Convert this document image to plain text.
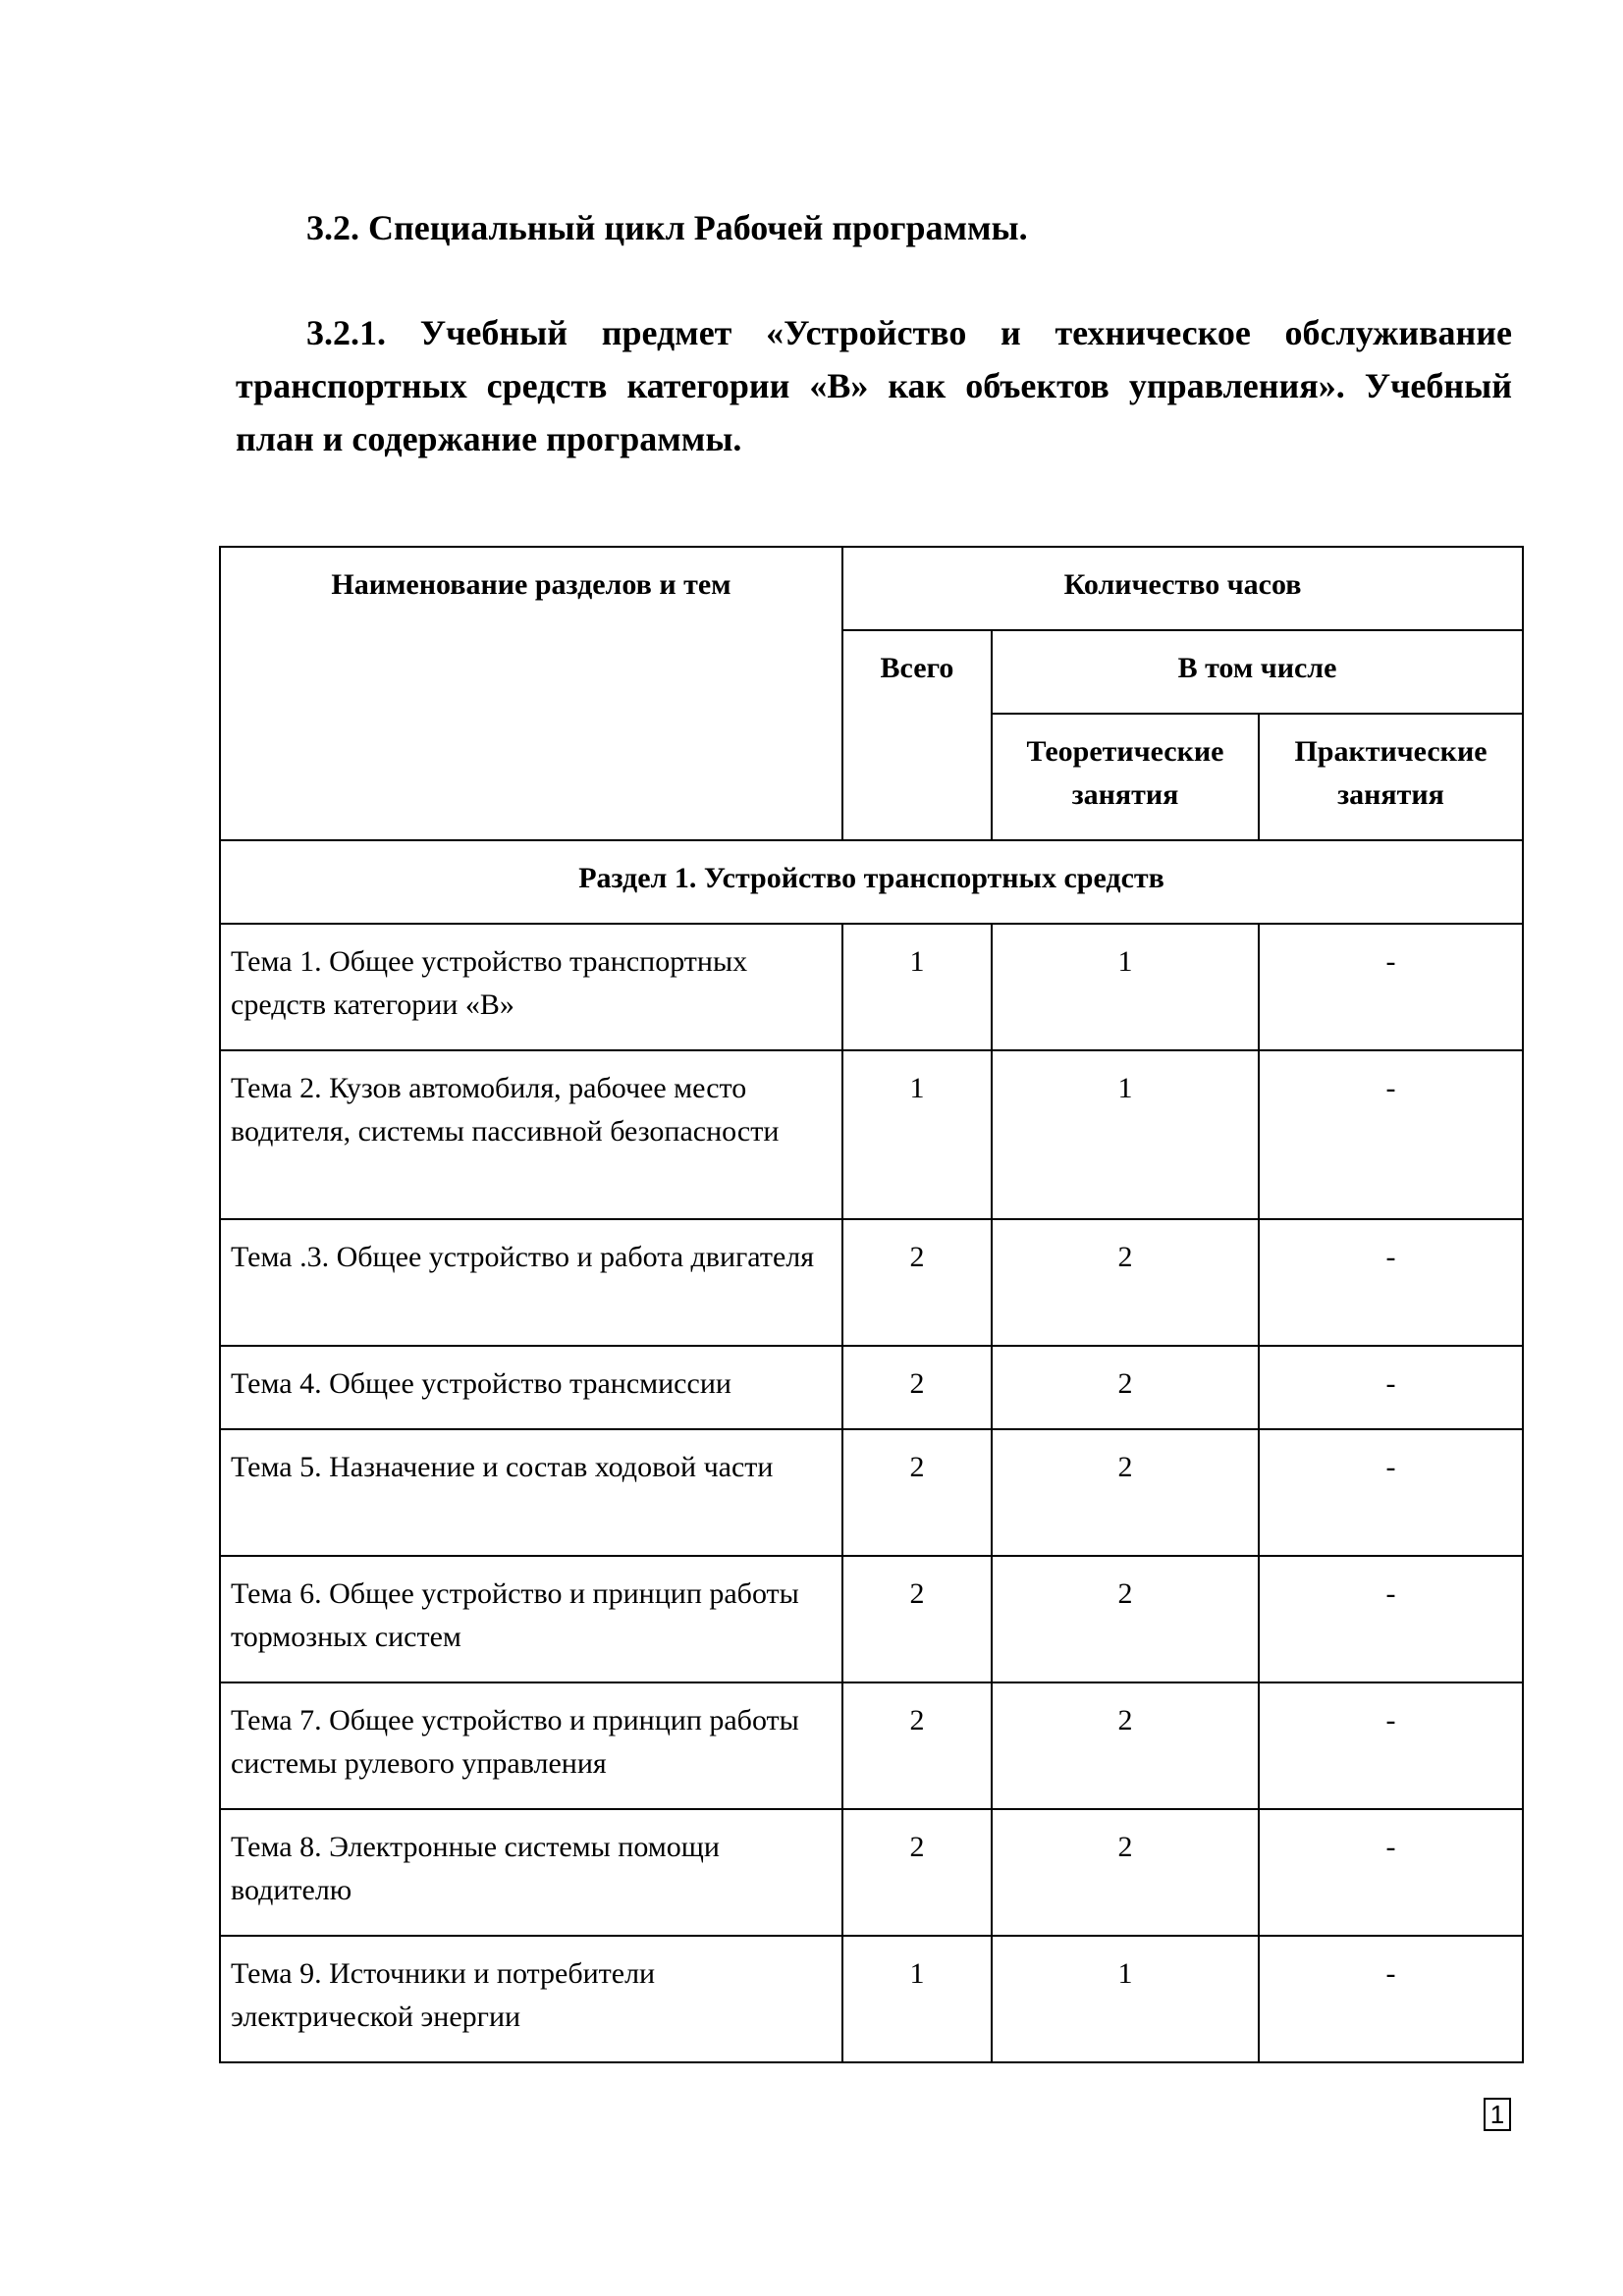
3.2. Специальный цикл Рабочей программы.
3.2.1. Учебный предмет «Устройство и техническое обслуживание транспортных средств категории «В» как объектов управления». Учебный план и содержание программы.
Наименование разделов и тем	Количество часов		
	Всего	В том числе	
		Теоретические занятия	Практические занятия
Раздел 1. Устройство транспортных средств			
Тема 1. Общее устройство транспортных средств категории «В»	1	1	-
Тема 2. Кузов автомобиля, рабочее место водителя, системы пассивной безопасности	1	1	-
Тема .3. Общее устройство и работа двигателя	2	2	-
Тема 4. Общее устройство трансмиссии	2	2	-
Тема 5. Назначение и состав ходовой части	2	2	-
Тема 6. Общее устройство и принцип работы тормозных систем	2	2	-
Тема 7. Общее устройство и принцип работы системы рулевого управления	2	2	-
Тема 8. Электронные системы помощи водителю	2	2	-
Тема 9. Источники и потребители электрической энергии	1	1	-
1
